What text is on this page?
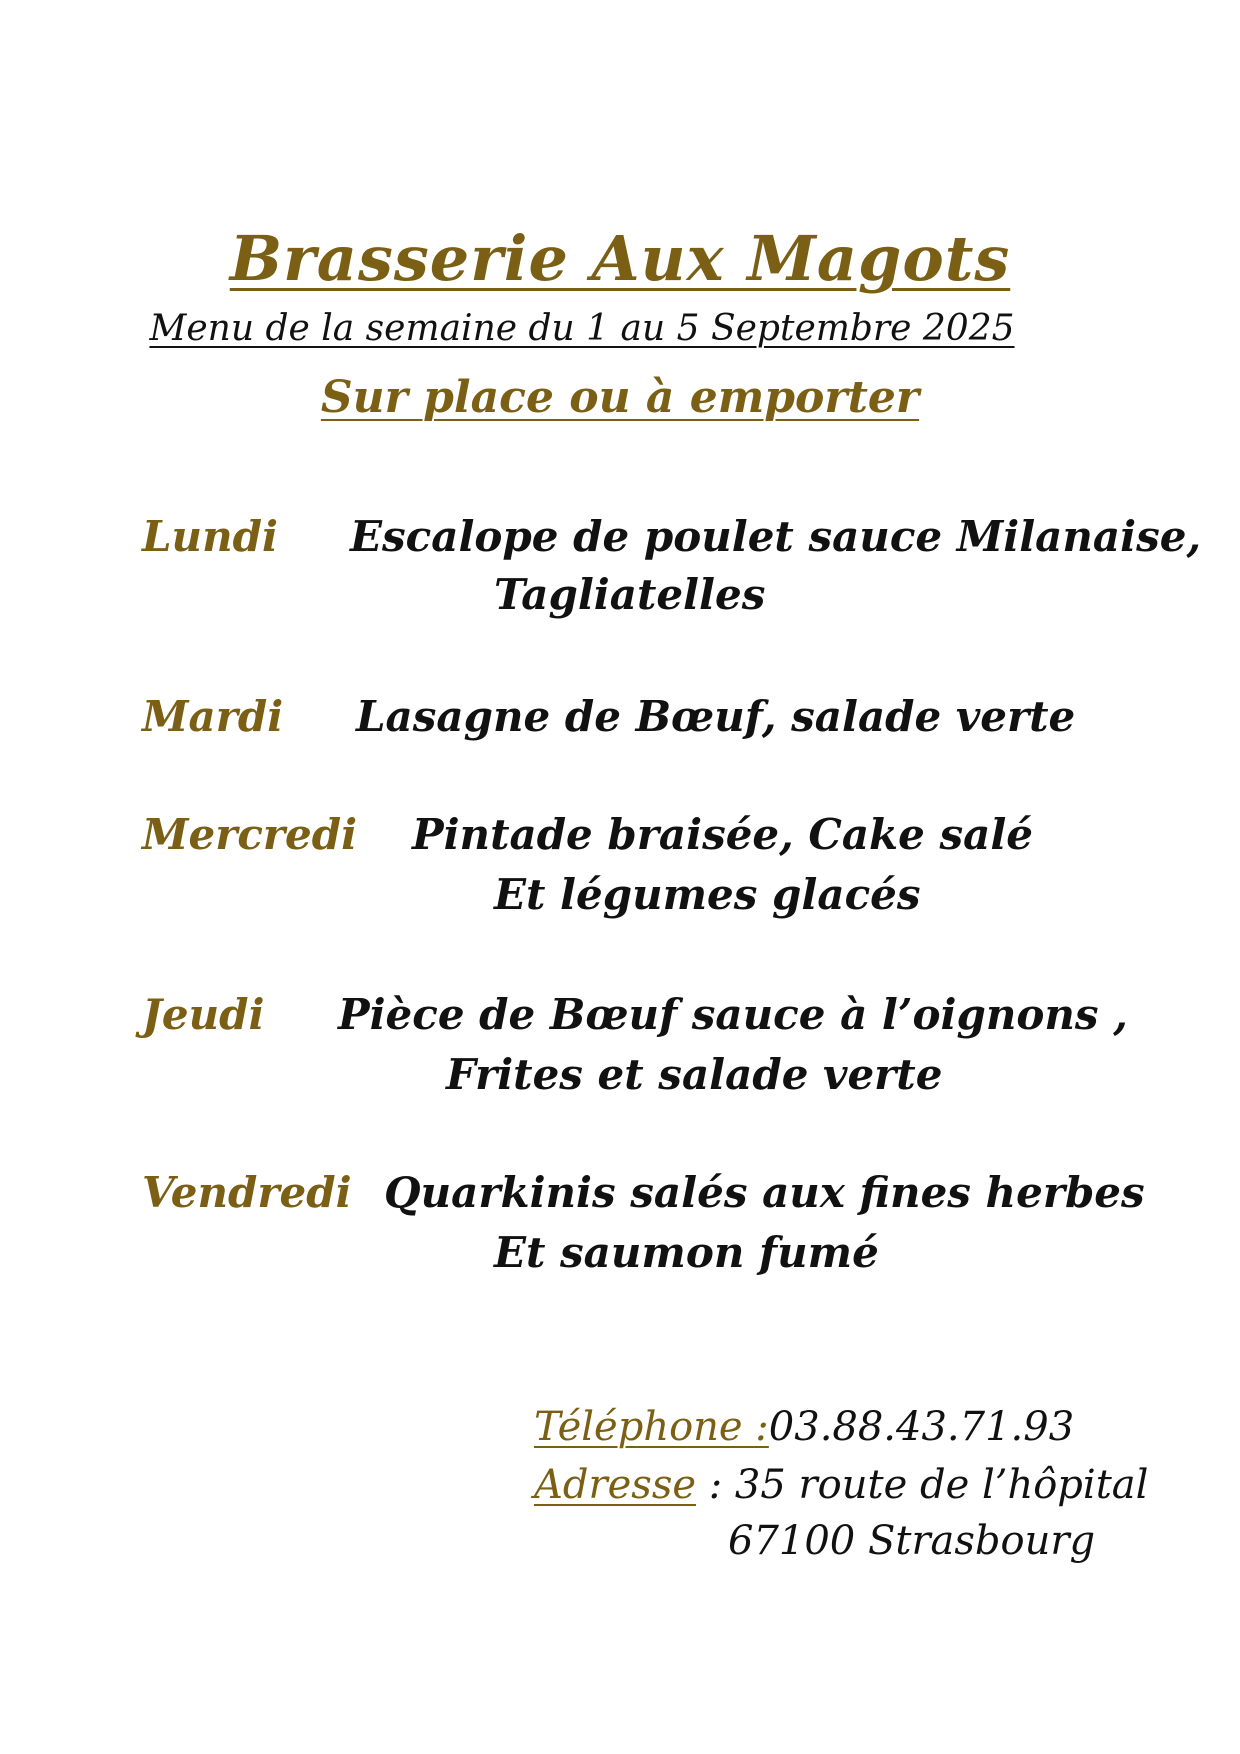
Brasserie Aux Magots
Menu de la semaine du 1 au 5 Septembre 2025
Sur place ou à emporter
Lundi Escalope de poulet sauce Milanaise,
Tagliatelles
Mardi Lasagne de Bœuf, salade verte
Mercredi Pintade braisée, Cake salé
Et légumes glacés
Jeudi Pièce de Bœuf sauce à l’oignons ,
Frites et salade verte
Vendredi Quarkinis salés aux fines herbes
Et saumon fumé
Téléphone :03.88.43.71.93
Adresse : 35 route de l’hôpital
67100 Strasbourg
